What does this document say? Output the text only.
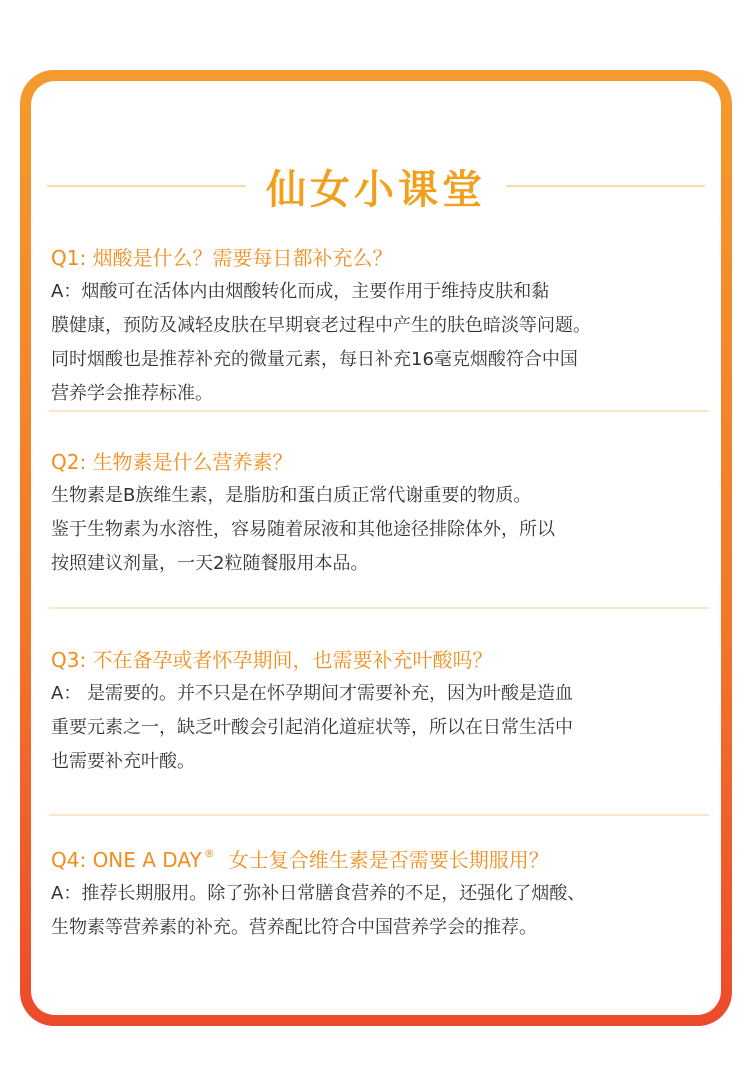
仙女小课堂
Q1: 烟酸是什么？需要每日都补充么？
A：烟酸可在活体内由烟酸转化而成，主要作用于维持皮肤和黏
膜健康，预防及减轻皮肤在早期衰老过程中产生的肤色暗淡等问题。
同时烟酸也是推荐补充的微量元素，每日补充16毫克烟酸符合中国
营养学会推荐标准。
Q2: 生物素是什么营养素？
生物素是B族维生素，是脂肪和蛋白质正常代谢重要的物质。
鉴于生物素为水溶性，容易随着尿液和其他途径排除体外，所以
按照建议剂量，一天2粒随餐服用本品。
Q3: 不在备孕或者怀孕期间，也需要补充叶酸吗？
A： 是需要的。并不只是在怀孕期间才需要补充，因为叶酸是造血
重要元素之一，缺乏叶酸会引起消化道症状等，所以在日常生活中
也需要补充叶酸。
Q4: ONE A DAY ® 女士复合维生素是否需要长期服用？
A：推荐长期服用。除了弥补日常膳食营养的不足，还强化了烟酸、
生物素等营养素的补充。营养配比符合中国营养学会的推荐。
